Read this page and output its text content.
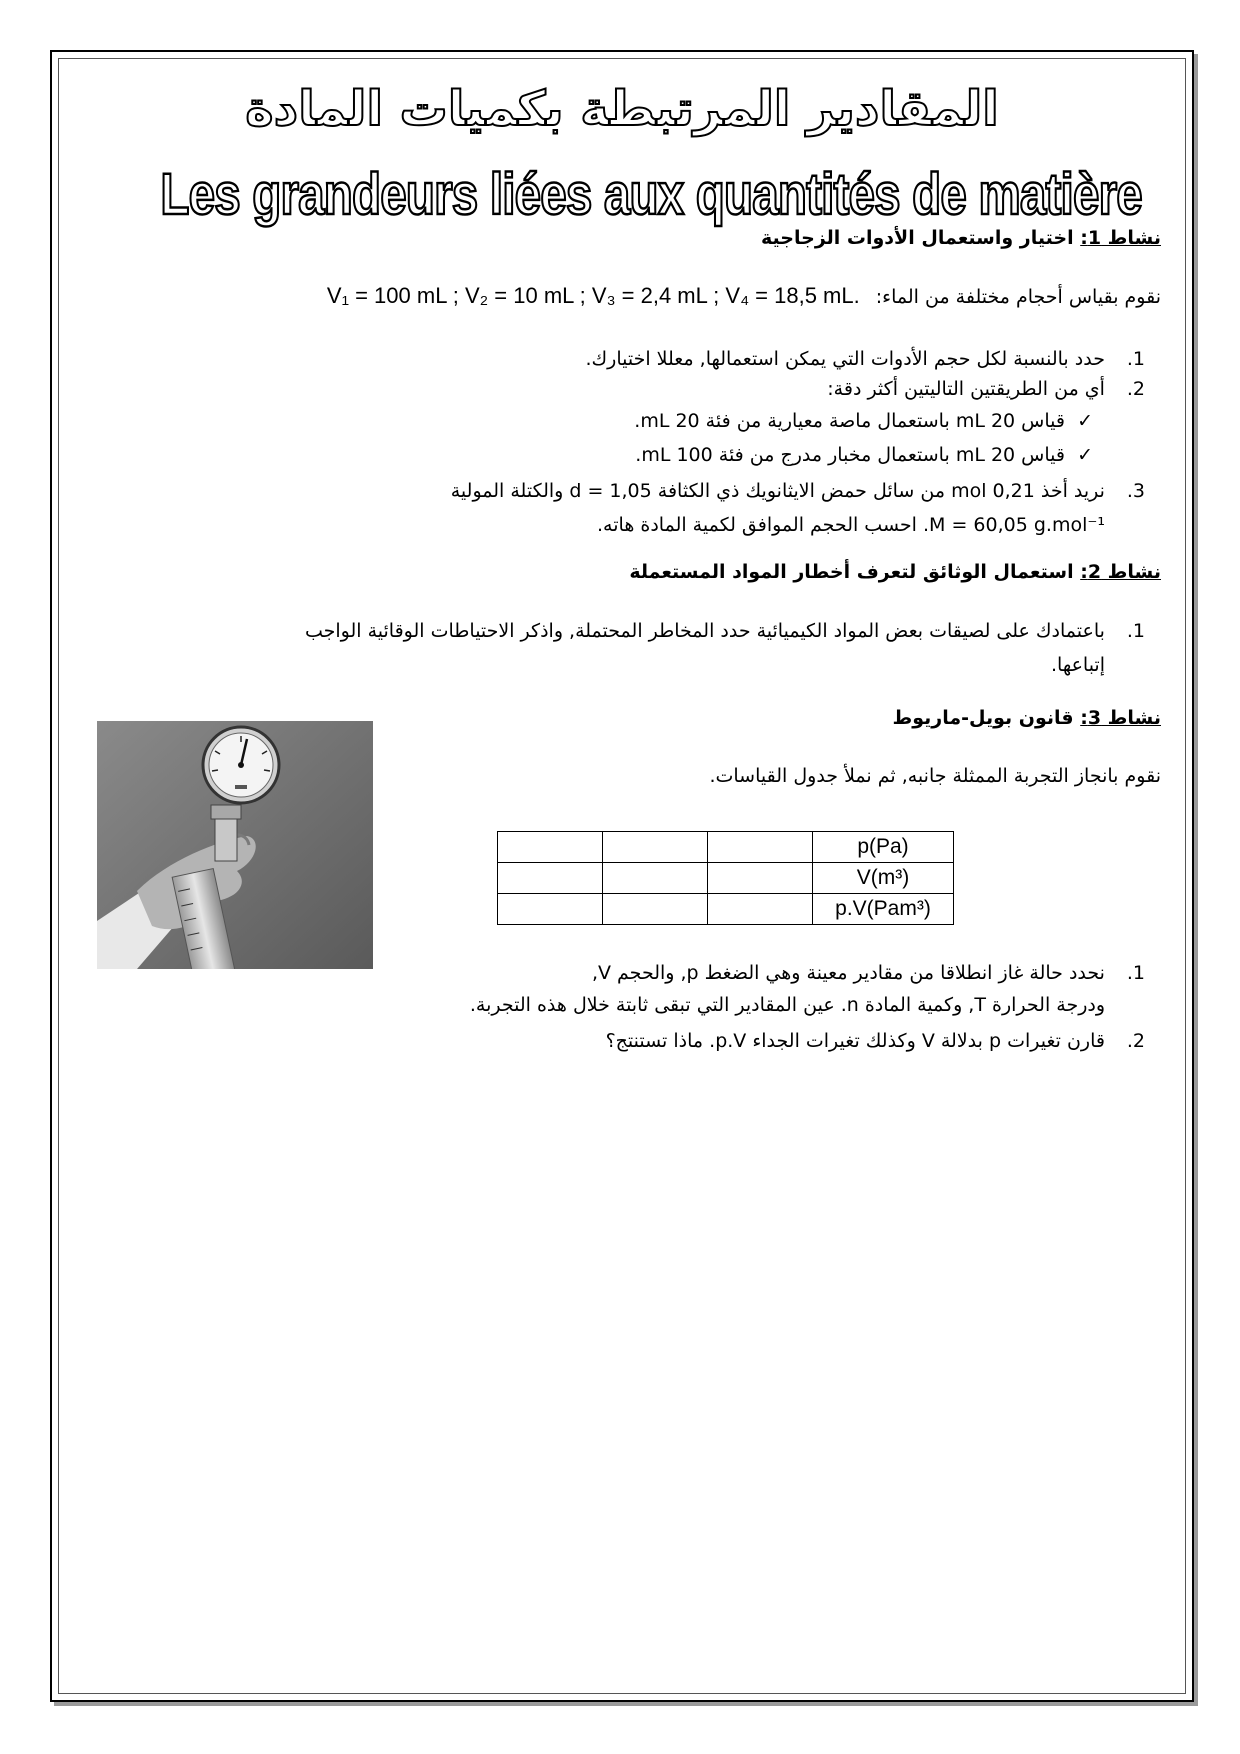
المقادير المرتبطة بكميات المادة
Les grandeurs liées aux quantités de matière
نشاط 1: اختيار واستعمال الأدوات الزجاجية
نقوم بقياس أحجام مختلفة من الماء: V₁ = 100 mL ; V₂ = 10 mL ; V₃ = 2,4 mL ; V₄ = 18,5 mL.
1. حدد بالنسبة لكل حجم الأدوات التي يمكن استعمالها, معللا اختيارك.
2. أي من الطريقتين التاليتين أكثر دقة:
✓  قياس 20 mL باستعمال ماصة معيارية من فئة 20 mL.
✓  قياس 20 mL باستعمال مخبار مدرج من فئة 100 mL.
3. نريد أخذ 0,21 mol من سائل حمض الايثانويك ذي الكثافة d = 1,05 والكتلة المولية
M = 60,05 g.mol⁻¹. احسب الحجم الموافق لكمية المادة هاته.
نشاط 2: استعمال الوثائق لتعرف أخطار المواد المستعملة
1. باعتمادك على لصيقات بعض المواد الكيميائية حدد المخاطر المحتملة, واذكر الاحتياطات الوقائية الواجب
إتباعها.
نشاط 3: قانون بويل-ماريوط
نقوم بانجاز التجربة الممثلة جانبه, ثم نملأ جدول القياسات.
			p(Pa)
			V(m³)
			p.V(Pam³)
1. نحدد حالة غاز انطلاقا من مقادير معينة وهي الضغط p, والحجم V,
ودرجة الحرارة T, وكمية المادة n. عين المقادير التي تبقى ثابتة خلال هذه التجربة.
2. قارن تغيرات p بدلالة V وكذلك تغيرات الجداء p.V. ماذا تستنتج؟
